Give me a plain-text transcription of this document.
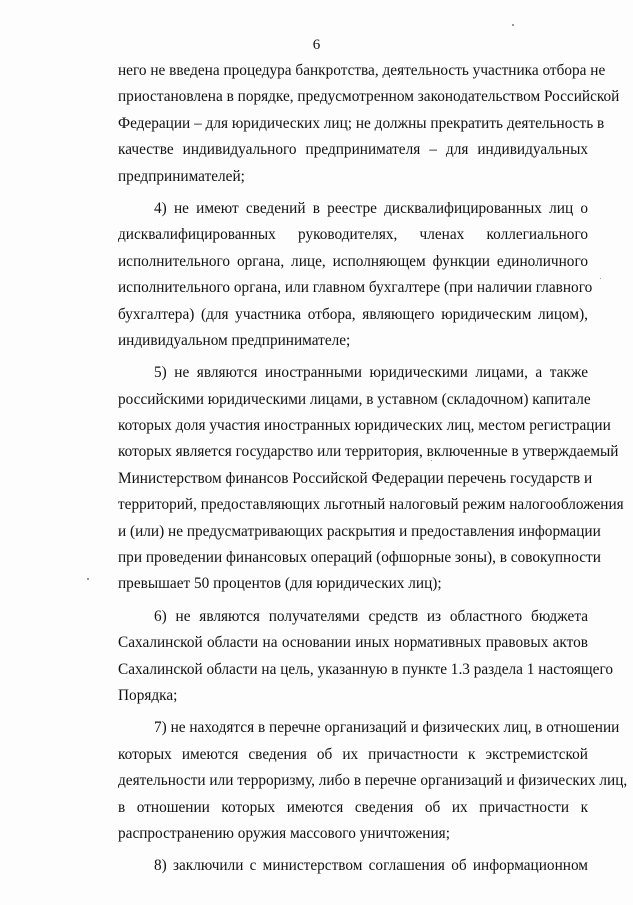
6
него не введена процедура банкротства, деятельность участника отбора не
приостановлена в порядке, предусмотренном законодательством Российской
Федерации – для юридических лиц; не должны прекратить деятельность в
качестве индивидуального предпринимателя – для индивидуальных
предпринимателей;
4) не имеют сведений в реестре дисквалифицированных лиц о
дисквалифицированных руководителях, членах коллегиального
исполнительного органа, лице, исполняющем функции единоличного
исполнительного органа, или главном бухгалтере (при наличии главного
бухгалтера) (для участника отбора, являющего юридическим лицом),
индивидуальном предпринимателе;
5) не являются иностранными юридическими лицами, а также
российскими юридическими лицами, в уставном (складочном) капитале
которых доля участия иностранных юридических лиц, местом регистрации
которых является государство или территория, включенные в утверждаемый
Министерством финансов Российской Федерации перечень государств и
территорий, предоставляющих льготный налоговый режим налогообложения
и (или) не предусматривающих раскрытия и предоставления информации
при проведении финансовых операций (офшорные зоны), в совокупности
превышает 50 процентов (для юридических лиц);
6) не являются получателями средств из областного бюджета
Сахалинской области на основании иных нормативных правовых актов
Сахалинской области на цель, указанную в пункте 1.3 раздела 1 настоящего
Порядка;
7) не находятся в перечне организаций и физических лиц, в отношении
которых имеются сведения об их причастности к экстремистской
деятельности или терроризму, либо в перечне организаций и физических лиц,
в отношении которых имеются сведения об их причастности к
распространению оружия массового уничтожения;
8) заключили с министерством соглашения об информационном
